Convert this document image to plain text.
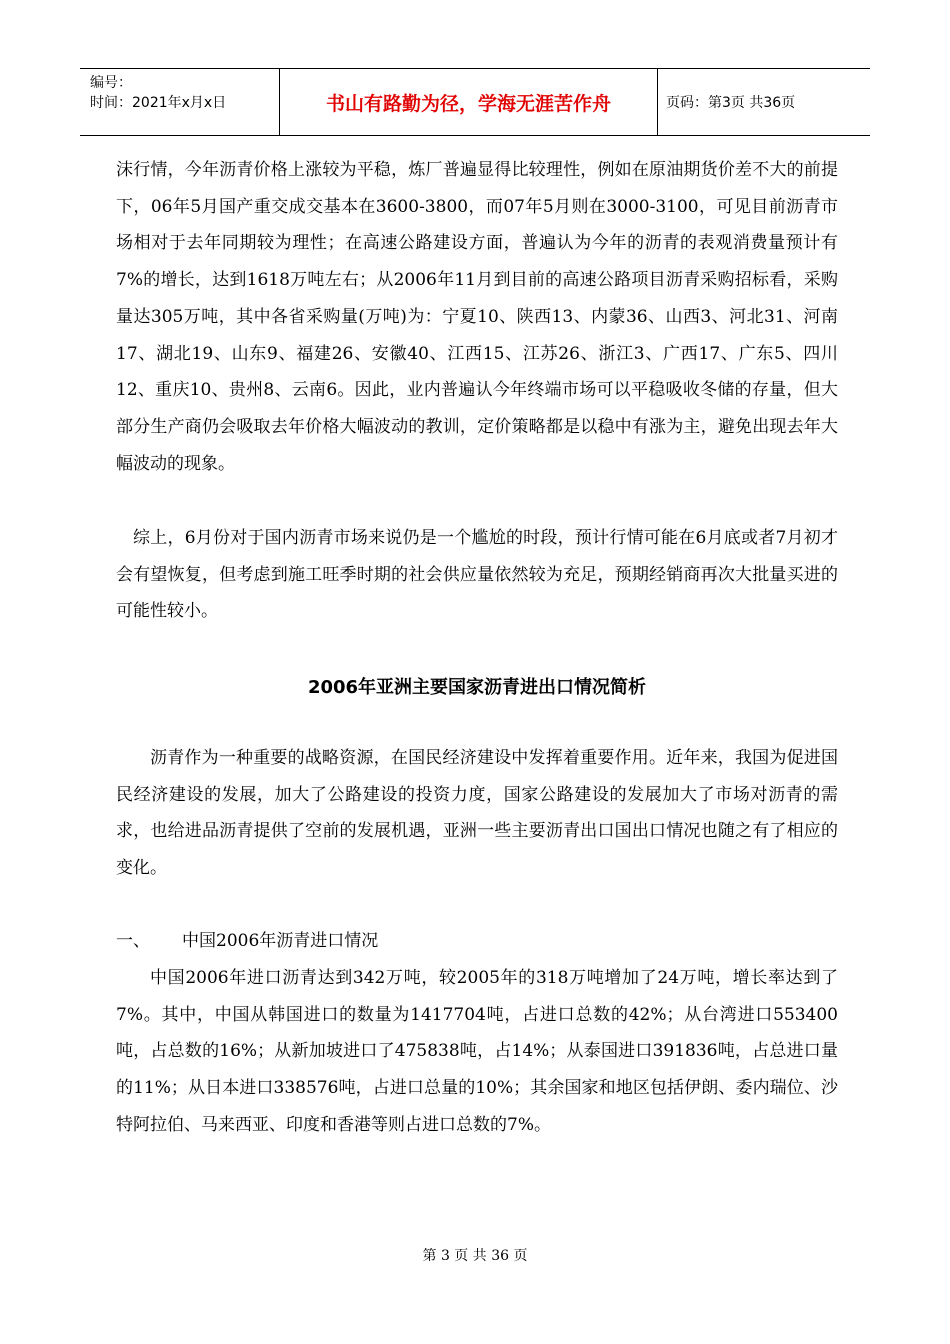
编号：
时间：2021年x月x日	书山有路勤为径，学海无涯苦作舟	页码：第3页 共36页

沫行情，今年沥青价格上涨较为平稳，炼厂普遍显得比较理性，例如在原油期货价差不大的前提下，06年5月国产重交成交基本在3600-3800，而07年5月则在3000-3100，可见目前沥青市场相对于去年同期较为理性；在高速公路建设方面，普遍认为今年的沥青的表观消费量预计有7%的增长，达到1618万吨左右；从2006年11月到目前的高速公路项目沥青采购招标看，采购量达305万吨，其中各省采购量(万吨)为：宁夏10、陕西13、内蒙36、山西3、河北31、河南17、湖北19、山东9、福建26、安徽40、江西15、江苏26、浙江3、广西17、广东5、四川12、重庆10、贵州8、云南6。因此，业内普遍认今年终端市场可以平稳吸收冬储的存量，但大部分生产商仍会吸取去年价格大幅波动的教训，定价策略都是以稳中有涨为主，避免出现去年大幅波动的现象。

综上，6月份对于国内沥青市场来说仍是一个尴尬的时段，预计行情可能在6月底或者7月初才会有望恢复，但考虑到施工旺季时期的社会供应量依然较为充足，预期经销商再次大批量买进的可能性较小。

2006年亚洲主要国家沥青进出口情况简析

沥青作为一种重要的战略资源，在国民经济建设中发挥着重要作用。近年来，我国为促进国民经济建设的发展，加大了公路建设的投资力度，国家公路建设的发展加大了市场对沥青的需求，也给进品沥青提供了空前的发展机遇，亚洲一些主要沥青出口国出口情况也随之有了相应的变化。

一、	中国2006年沥青进口情况

中国2006年进口沥青达到342万吨，较2005年的318万吨增加了24万吨，增长率达到了7%。其中，中国从韩国进口的数量为1417704吨，占进口总数的42%；从台湾进口553400吨，占总数的16%；从新加坡进口了475838吨，占14%；从泰国进口391836吨，占总进口量的11%；从日本进口338576吨，占进口总量的10%；其余国家和地区包括伊朗、委内瑞位、沙特阿拉伯、马来西亚、印度和香港等则占进口总数的7%。

第 3 页 共 36 页
